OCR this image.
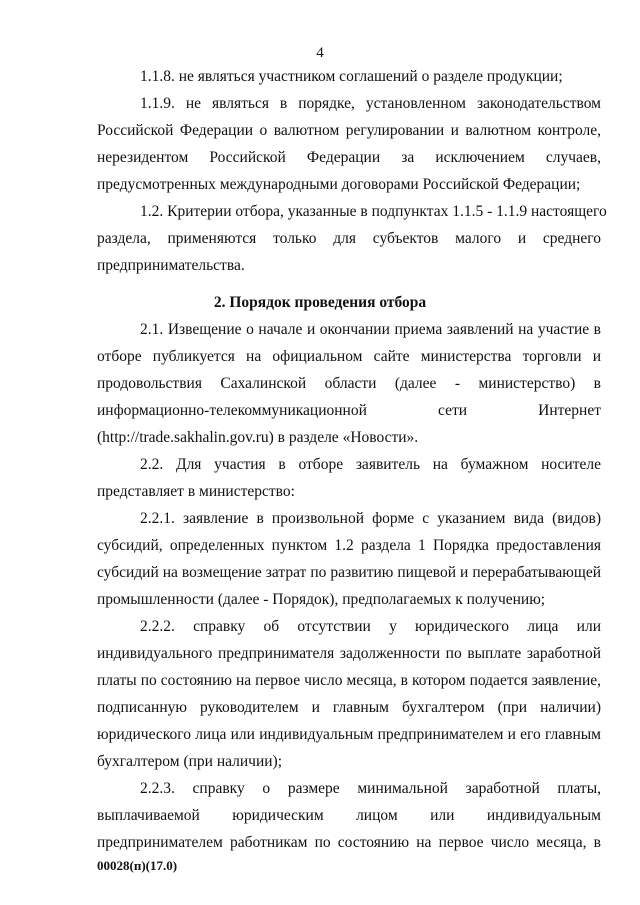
4
1.1.8. не являться участником соглашений о разделе продукции;
1.1.9. не являться в порядке, установленном законодательством
Российской Федерации о валютном регулировании и валютном контроле,
нерезидентом Российской Федерации за исключением случаев,
предусмотренных международными договорами Российской Федерации;
1.2. Критерии отбора, указанные в подпунктах 1.1.5 - 1.1.9 настоящего
раздела, применяются только для субъектов малого и среднего
предпринимательства.
2. Порядок проведения отбора
2.1. Извещение о начале и окончании приема заявлений на участие в
отборе публикуется на официальном сайте министерства торговли и
продовольствия Сахалинской области (далее - министерство) в
информационно-телекоммуникационной сети Интернет
(http://trade.sakhalin.gov.ru) в разделе «Новости».
2.2. Для участия в отборе заявитель на бумажном носителе
представляет в министерство:
2.2.1. заявление в произвольной форме с указанием вида (видов)
субсидий, определенных пунктом 1.2 раздела 1 Порядка предоставления
субсидий на возмещение затрат по развитию пищевой и перерабатывающей
промышленности (далее - Порядок), предполагаемых к получению;
2.2.2. справку об отсутствии у юридического лица или
индивидуального предпринимателя задолженности по выплате заработной
платы по состоянию на первое число месяца, в котором подается заявление,
подписанную руководителем и главным бухгалтером (при наличии)
юридического лица или индивидуальным предпринимателем и его главным
бухгалтером (при наличии);
2.2.3. справку о размере минимальной заработной платы,
выплачиваемой юридическим лицом или индивидуальным
предпринимателем работникам по состоянию на первое число месяца, в
00028(п)(17.0)
